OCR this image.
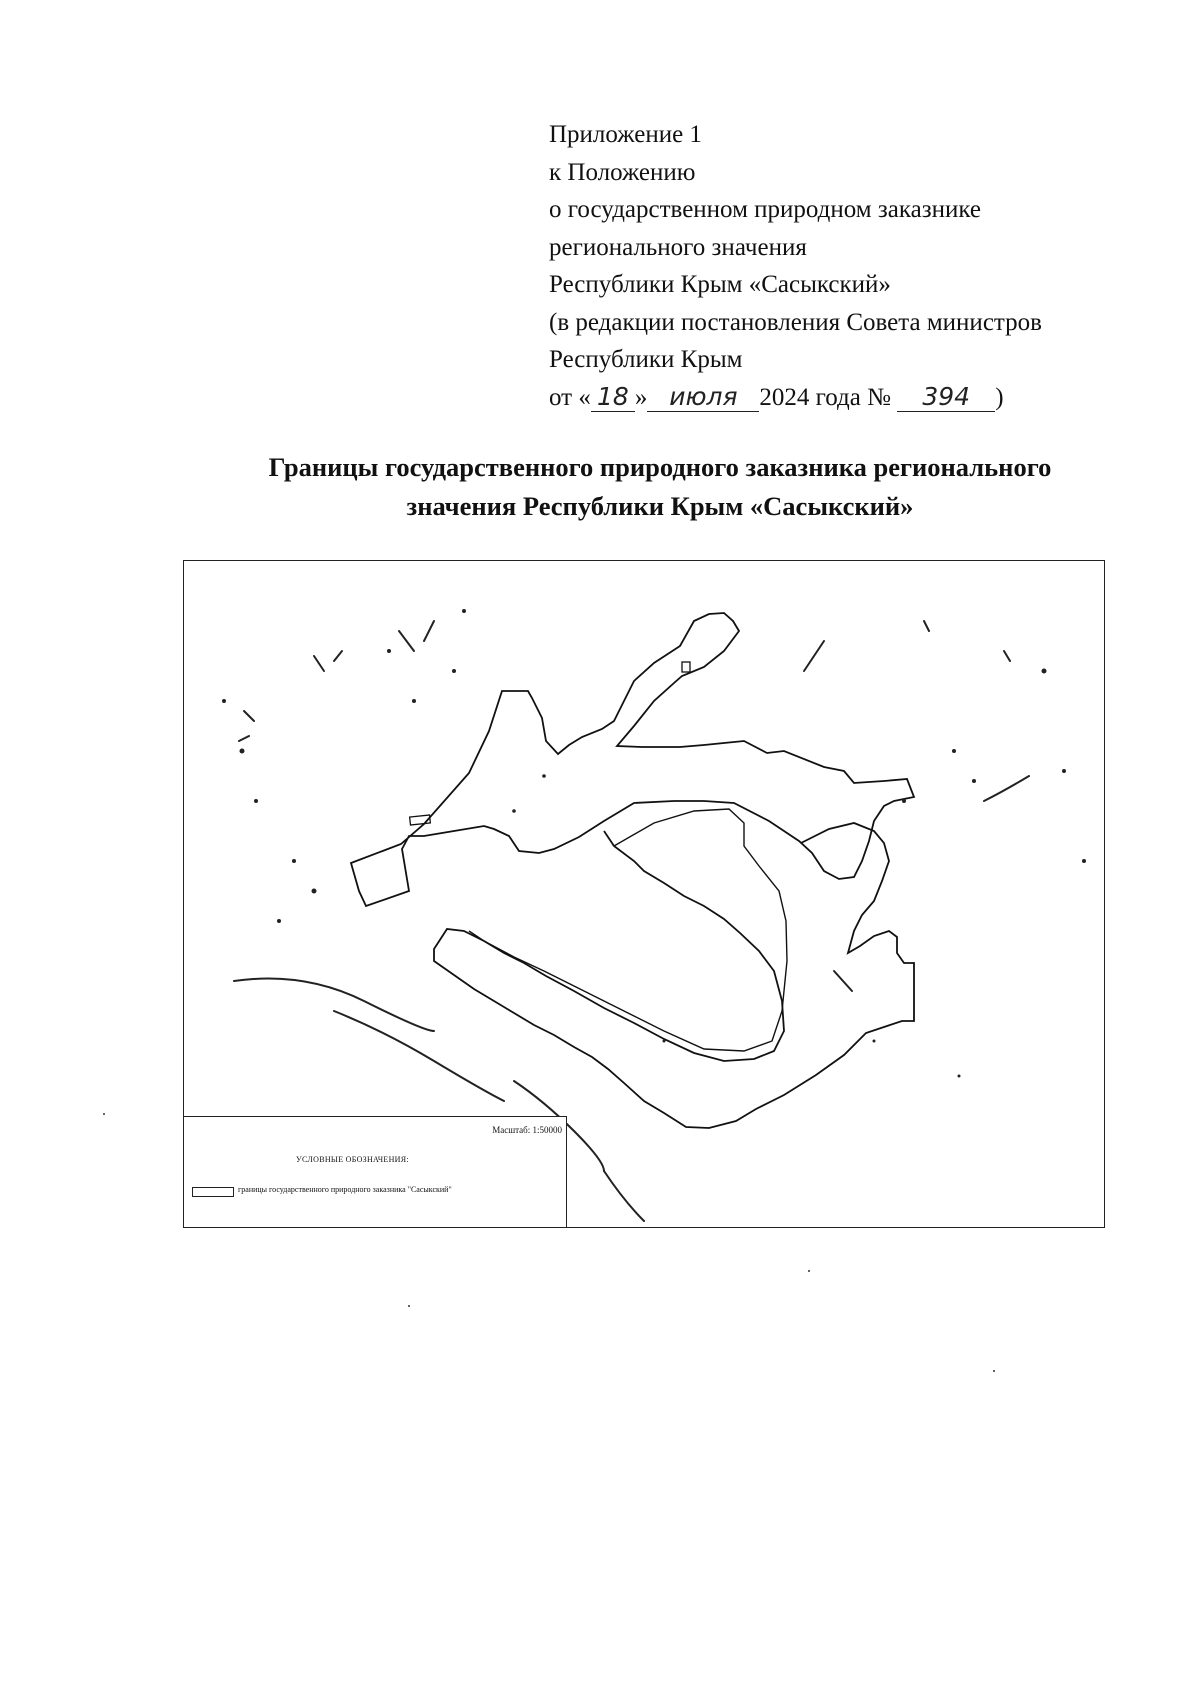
Приложение 1
к Положению
о государственном природном заказнике
регионального значения
Республики Крым «Сасыкский»
(в редакции постановления Совета министров
Республики Крым
от « 18 » июля 2024 года № 394 )
Границы государственного природного заказника регионального
значения Республики Крым «Сасыкский»
Масштаб: 1:50000
УСЛОВНЫЕ ОБОЗНАЧЕНИЯ:
границы государственного природного заказника "Сасыкский"
